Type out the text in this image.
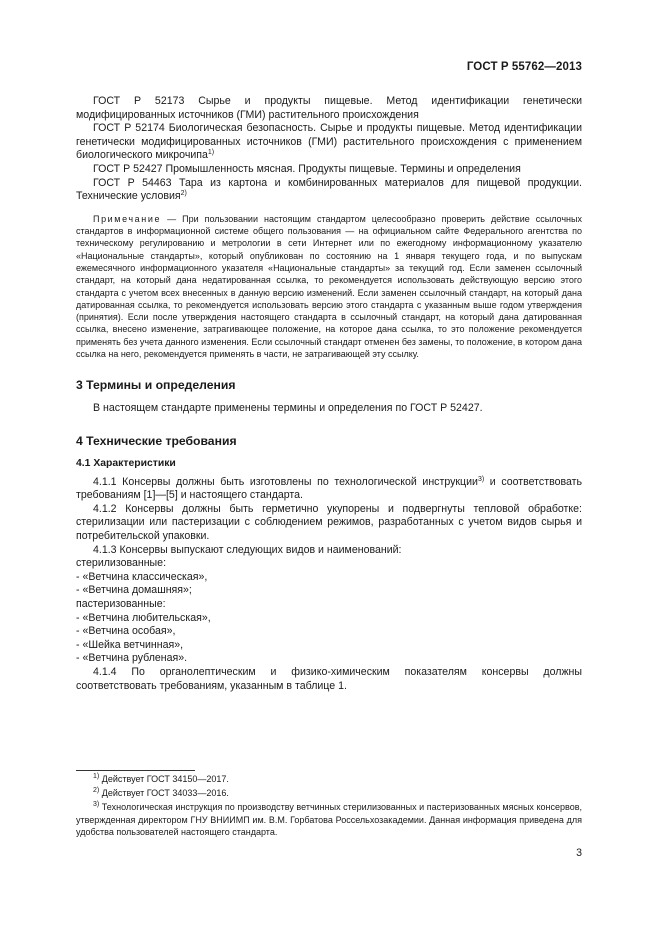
ГОСТ Р 55762—2013

ГОСТ Р 52173 Сырье и продукты пищевые. Метод идентификации генетически модифицированных источников (ГМИ) растительного происхождения

ГОСТ Р 52174 Биологическая безопасность. Сырье и продукты пищевые. Метод идентификации генетически модифицированных источников (ГМИ) растительного происхождения с применением биологического микрочипа$^{1)}$

ГОСТ Р 52427 Промышленность мясная. Продукты пищевые. Термины и определения

ГОСТ Р 54463 Тара из картона и комбинированных материалов для пищевой продукции. Технические условия$^{2)}$

Примечание — При пользовании настоящим стандартом целесообразно проверить действие ссылочных стандартов в информационной системе общего пользования — на официальном сайте Федерального агентства по техническому регулированию и метрологии в сети Интернет или по ежегодному информационному указателю «Национальные стандарты», который опубликован по состоянию на 1 января текущего года, и по выпускам ежемесячного информационного указателя «Национальные стандарты» за текущий год. Если заменен ссылочный стандарт, на который дана недатированная ссылка, то рекомендуется использовать действующую версию этого стандарта с учетом всех внесенных в данную версию изменений. Если заменен ссылочный стандарт, на который дана датированная ссылка, то рекомендуется использовать версию этого стандарта с указанным выше годом утверждения (принятия). Если после утверждения настоящего стандарта в ссылочный стандарт, на который дана датированная ссылка, внесено изменение, затрагивающее положение, на которое дана ссылка, то это положение рекомендуется применять без учета данного изменения. Если ссылочный стандарт отменен без замены, то положение, в котором дана ссылка на него, рекомендуется применять в части, не затрагивающей эту ссылку.

3 Термины и определения

В настоящем стандарте применены термины и определения по ГОСТ Р 52427.

4 Технические требования
4.1 Характеристики

4.1.1 Консервы должны быть изготовлены по технологической инструкции$^{3)}$ и соответствовать требованиям [1]—[5] и настоящего стандарта.

4.1.2 Консервы должны быть герметично укупорены и подвергнуты тепловой обработке: стерилизации или пастеризации с соблюдением режимов, разработанных с учетом видов сырья и потребительской упаковки.

4.1.3 Консервы выпускают следующих видов и наименований:

стерилизованные:

- «Ветчина классическая»,
- «Ветчина домашняя»;

пастеризованные:

- «Ветчина любительская»,
- «Ветчина особая»,
- «Шейка ветчинная»,
- «Ветчина рубленая».

4.1.4 По органолептическим и физико-химическим показателям консервы должны соответствовать требованиям, указанным в таблице 1.

$^{1)}$ Действует ГОСТ 34150—2017.

$^{2)}$ Действует ГОСТ 34033—2016.

$^{3)}$ Технологическая инструкция по производству ветчинных стерилизованных и пастеризованных мясных консервов, утвержденная директором ГНУ ВНИИМП им. В.М. Горбатова Россельхозакадемии. Данная информация приведена для удобства пользователей настоящего стандарта.

3
